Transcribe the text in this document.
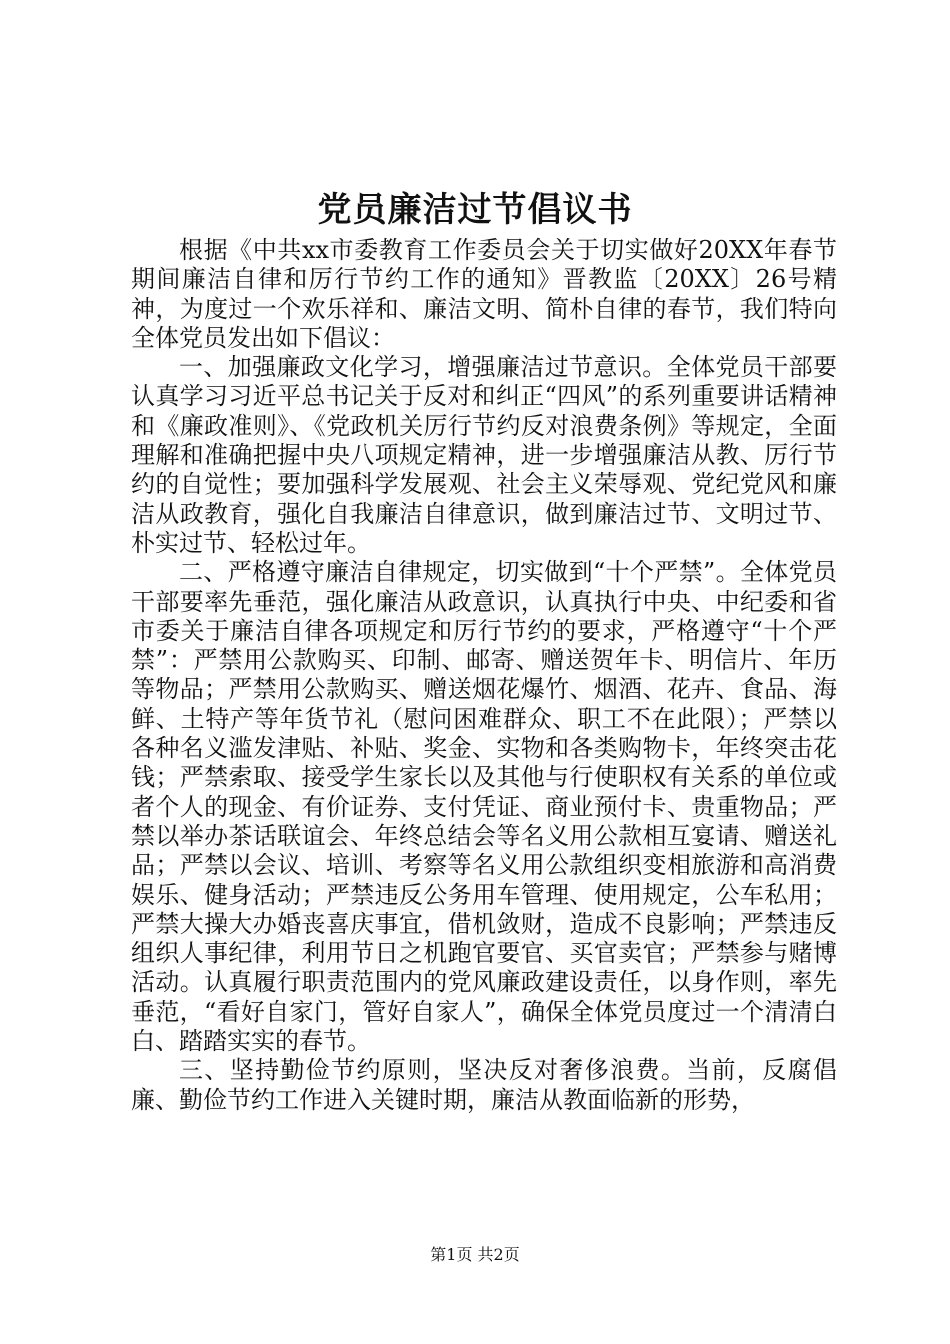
党员廉洁过节倡议书

根据《中共xx市委教育工作委员会关于切实做好20XX年春节期间廉洁自律和厉行节约工作的通知》晋教监〔20XX〕26号精神，为度过一个欢乐祥和、廉洁文明、简朴自律的春节，我们特向全体党员发出如下倡议：

一、加强廉政文化学习，增强廉洁过节意识。全体党员干部要认真学习习近平总书记关于反对和纠正“四风”的系列重要讲话精神和《廉政准则》、《党政机关厉行节约反对浪费条例》等规定，全面理解和准确把握中央八项规定精神，进一步增强廉洁从教、厉行节约的自觉性；要加强科学发展观、社会主义荣辱观、党纪党风和廉洁从政教育，强化自我廉洁自律意识，做到廉洁过节、文明过节、朴实过节、轻松过年。

二、严格遵守廉洁自律规定，切实做到“十个严禁”。全体党员干部要率先垂范，强化廉洁从政意识，认真执行中央、中纪委和省市委关于廉洁自律各项规定和厉行节约的要求，严格遵守“十个严禁”：严禁用公款购买、印制、邮寄、赠送贺年卡、明信片、年历等物品；严禁用公款购买、赠送烟花爆竹、烟酒、花卉、食品、海鲜、土特产等年货节礼（慰问困难群众、职工不在此限）；严禁以各种名义滥发津贴、补贴、奖金、实物和各类购物卡，年终突击花钱；严禁索取、接受学生家长以及其他与行使职权有关系的单位或者个人的现金、有价证券、支付凭证、商业预付卡、贵重物品；严禁以举办茶话联谊会、年终总结会等名义用公款相互宴请、赠送礼品；严禁以会议、培训、考察等名义用公款组织变相旅游和高消费娱乐、健身活动；严禁违反公务用车管理、使用规定，公车私用；严禁大操大办婚丧喜庆事宜，借机敛财，造成不良影响；严禁违反组织人事纪律，利用节日之机跑官要官、买官卖官；严禁参与赌博活动。认真履行职责范围内的党风廉政建设责任，以身作则，率先垂范，“看好自家门，管好自家人”，确保全体党员度过一个清清白白、踏踏实实的春节。

三、坚持勤俭节约原则，坚决反对奢侈浪费。当前，反腐倡廉、勤俭节约工作进入关键时期，廉洁从教面临新的形势，

第1页 共2页
